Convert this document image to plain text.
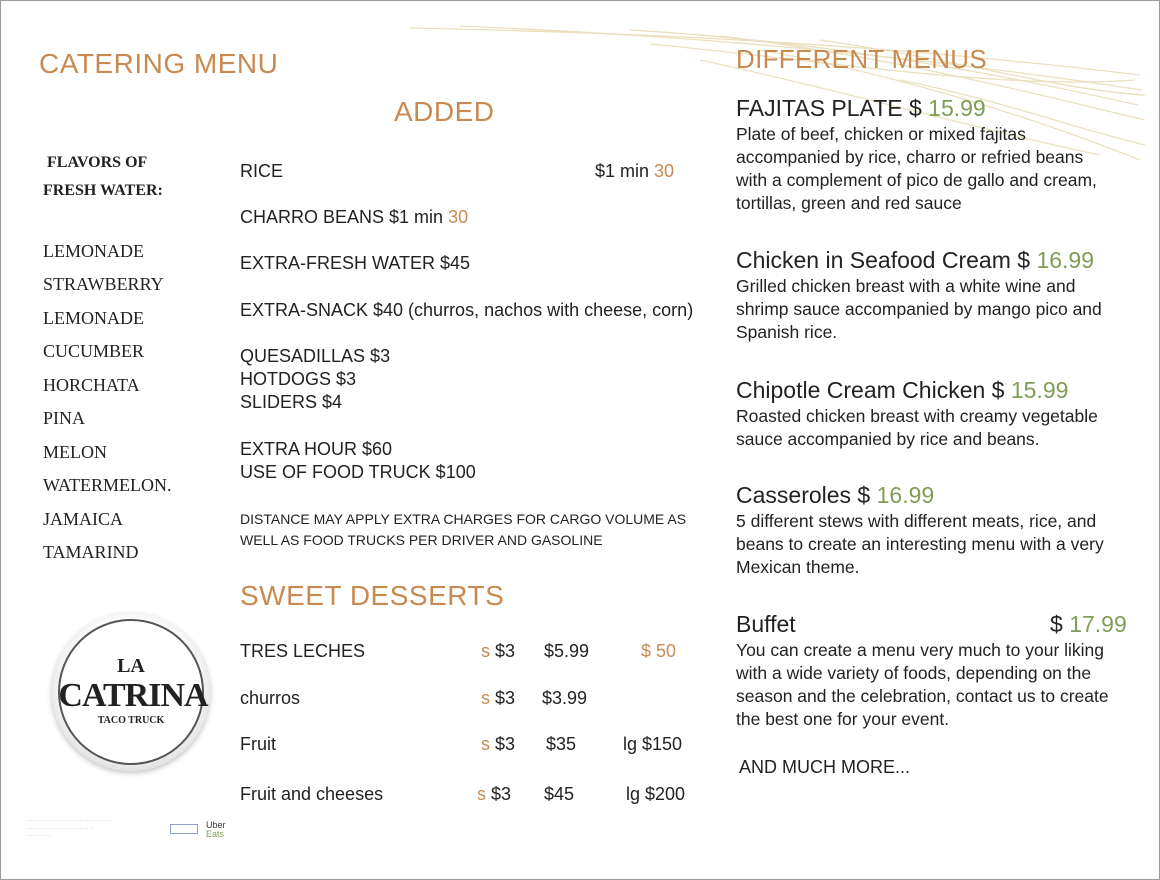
CATERING MENU
ADDED
RICE	$1 min 30
CHARRO BEANS $1 min 30
EXTRA-FRESH WATER $45
EXTRA-SNACK $40 (churros, nachos with cheese, corn)
QUESADILLAS $3
HOTDOGS $3
SLIDERS $4
EXTRA HOUR $60
USE OF FOOD TRUCK $100
DISTANCE MAY APPLY EXTRA CHARGES FOR CARGO VOLUME AS
WELL AS FOOD TRUCKS PER DRIVER AND GASOLINE
FLAVORS OF
FRESH WATER:
LEMONADE
STRAWBERRY
LEMONADE
CUCUMBER
HORCHATA
PINA
MELON
WATERMELON.
JAMAICA
TAMARIND
LA
CATRINA
TACO TRUCK
· · · · · · · · · · · · · · · · · · · · · · · · · · · · · · · · · · ·
· · · · · · · · · · · · · · · · · · · · · · · · · · · ·
· · · · · · · · · · ·
Uber
Eats
SWEET DESSERTS
TRES LECHES	s $3 $5.99	$ 50
churros	s $3 $3.99
Fruit	s $3 $35	lg $150
Fruit and cheeses	s $3 $45	lg $200
DIFFERENT MENUS
FAJITAS PLATE $ 15.99
Plate of beef, chicken or mixed fajitas
accompanied by rice, charro or refried beans
with a complement of pico de gallo and cream,
tortillas, green and red sauce
Chicken in Seafood Cream $ 16.99
Grilled chicken breast with a white wine and
shrimp sauce accompanied by mango pico and
Spanish rice.
Chipotle Cream Chicken $ 15.99
Roasted chicken breast with creamy vegetable
sauce accompanied by rice and beans.
Casseroles $ 16.99
5 different stews with different meats, rice, and
beans to create an interesting menu with a very
Mexican theme.
Buffet	$ 17.99
You can create a menu very much to your liking
with a wide variety of foods, depending on the
season and the celebration, contact us to create
the best one for your event.
AND MUCH MORE...
